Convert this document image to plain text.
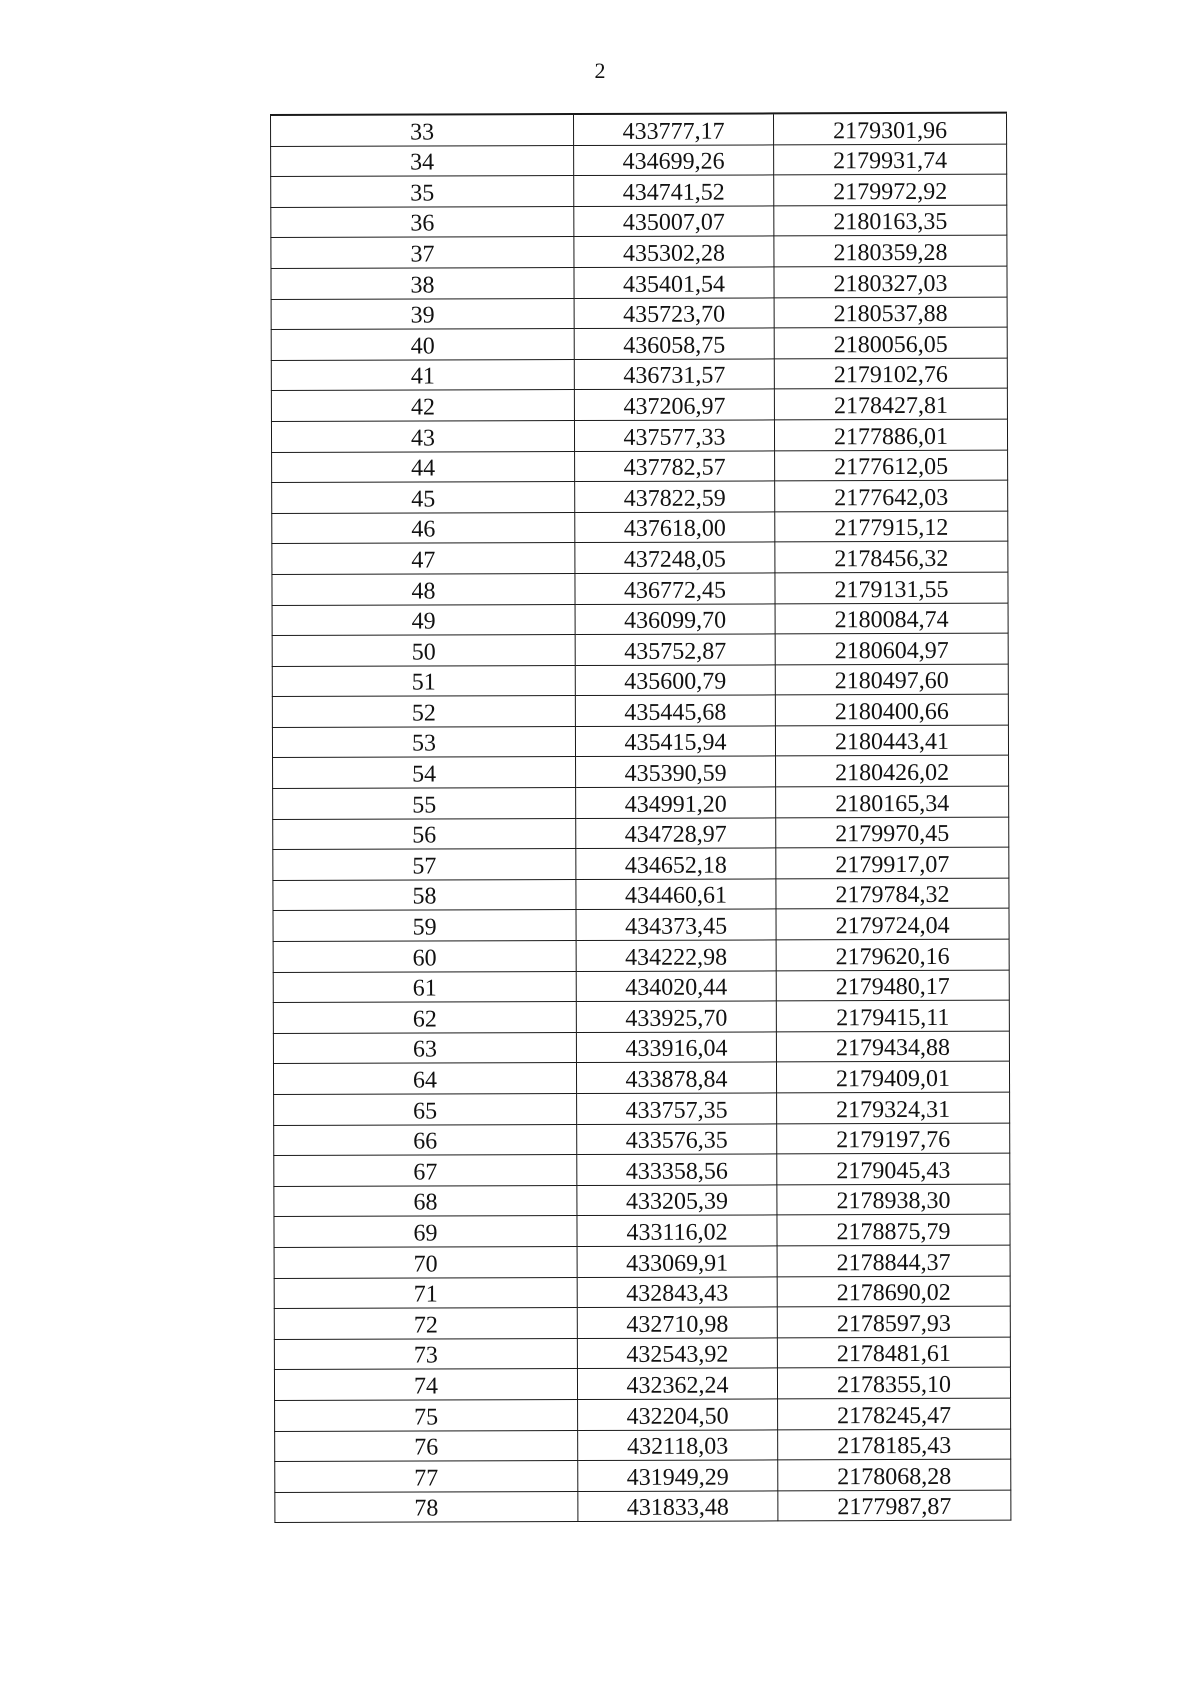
2
33	433777,17	2179301,96
34	434699,26	2179931,74
35	434741,52	2179972,92
36	435007,07	2180163,35
37	435302,28	2180359,28
38	435401,54	2180327,03
39	435723,70	2180537,88
40	436058,75	2180056,05
41	436731,57	2179102,76
42	437206,97	2178427,81
43	437577,33	2177886,01
44	437782,57	2177612,05
45	437822,59	2177642,03
46	437618,00	2177915,12
47	437248,05	2178456,32
48	436772,45	2179131,55
49	436099,70	2180084,74
50	435752,87	2180604,97
51	435600,79	2180497,60
52	435445,68	2180400,66
53	435415,94	2180443,41
54	435390,59	2180426,02
55	434991,20	2180165,34
56	434728,97	2179970,45
57	434652,18	2179917,07
58	434460,61	2179784,32
59	434373,45	2179724,04
60	434222,98	2179620,16
61	434020,44	2179480,17
62	433925,70	2179415,11
63	433916,04	2179434,88
64	433878,84	2179409,01
65	433757,35	2179324,31
66	433576,35	2179197,76
67	433358,56	2179045,43
68	433205,39	2178938,30
69	433116,02	2178875,79
70	433069,91	2178844,37
71	432843,43	2178690,02
72	432710,98	2178597,93
73	432543,92	2178481,61
74	432362,24	2178355,10
75	432204,50	2178245,47
76	432118,03	2178185,43
77	431949,29	2178068,28
78	431833,48	2177987,87
